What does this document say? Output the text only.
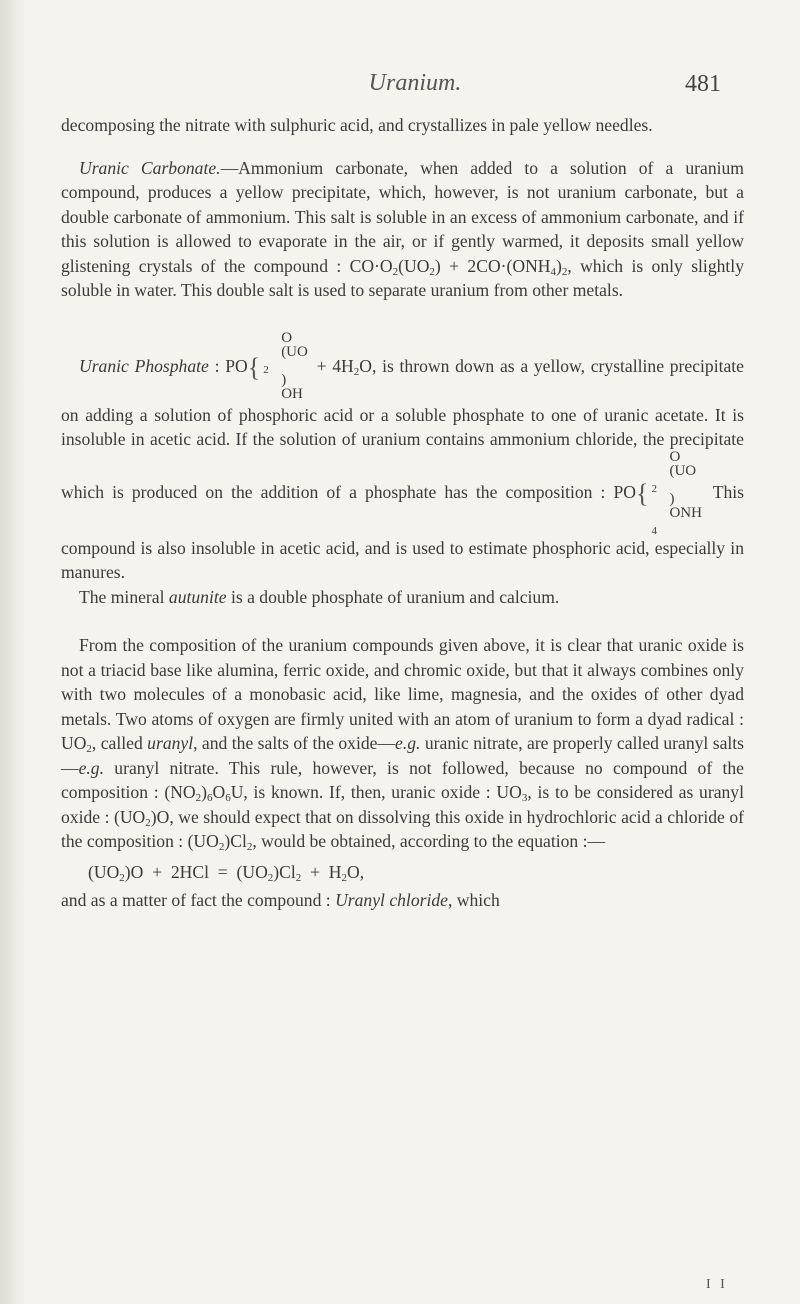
Uranium.	481

decomposing the nitrate with sulphuric acid, and crystallizes in pale yellow needles.

Uranic Carbonate.—Ammonium carbonate, when added to a solution of a uranium compound, produces a yellow precipitate, which, however, is not uranium carbonate, but a double carbonate of ammonium. This salt is soluble in an excess of ammonium carbonate, and if this solution is allowed to evaporate in the air, or if gently warmed, it deposits small yellow glistening crystals of the compound : $CO\cdot O_2(UO_2) + 2CO\cdot(ONH_4)_2$, which is only slightly soluble in water. This double salt is used to separate uranium from other metals.

Uranic Phosphate : PO{
O
(UO
$_2$
)
OH
+ $4H_2O$, is thrown down as a yellow, crystalline precipitate on adding a solution of phosphoric acid or a soluble phosphate to one of uranic acetate. It is insoluble in acetic acid. If the solution of uranium contains ammonium chloride, the precipitate which is produced on the addition of a phosphate has the composition : PO{
O
(UO
$_2$
)
ONH
$_4$
This compound is also insoluble in acetic acid, and is used to estimate phosphoric acid, especially in manures.

The mineral autunite is a double phosphate of uranium and calcium.

From the composition of the uranium compounds given above, it is clear that uranic oxide is not a triacid base like alumina, ferric oxide, and chromic oxide, but that it always combines only with two molecules of a monobasic acid, like lime, magnesia, and the oxides of other dyad metals. Two atoms of oxygen are firmly united with an atom of uranium to form a dyad radical : $UO_2$, called uranyl, and the salts of the oxide—e.g. uranic nitrate, are properly called uranyl salts—e.g. uranyl nitrate. This rule, however, is not followed, because no compound of the composition : $(NO_2)_6O_6U$, is known. If, then, uranic oxide : $UO_3$, is to be considered as uranyl oxide : $(UO_2)O$, we should expect that on dissolving this oxide in hydrochloric acid a chloride of the composition : $(UO_2)Cl_2$, would be obtained, according to the equation :—

$(UO_2)O + 2HCl = (UO_2)Cl_2 + H_2O$,

and as a matter of fact the compound : Uranyl chloride, which

I I
